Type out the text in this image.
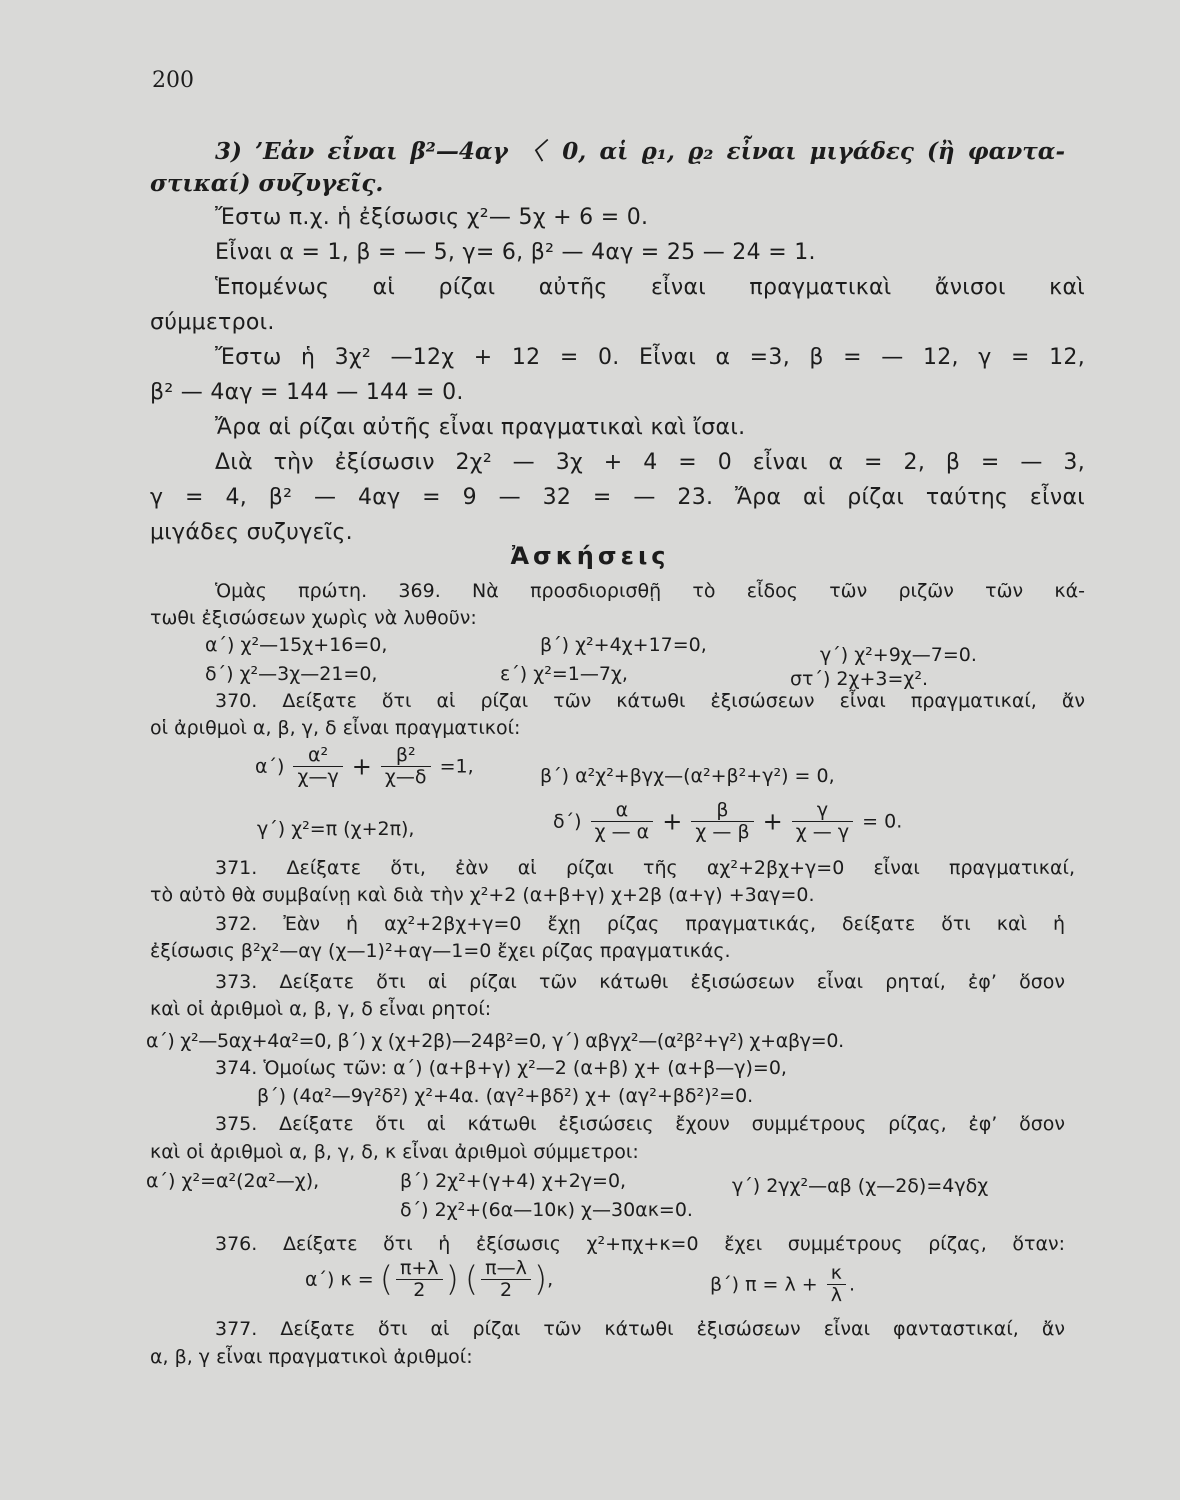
200
3) ’Εἀν εἶναι β²—4αγ 〈 0, αἱ ϱ₁, ϱ₂ εἶναι μιγάδες (ἢ φαντα-
στικαί) συζυγεῖς.
Ἔστω π.χ. ἡ ἐξίσωσις χ²— 5χ + 6 = 0.
Εἶναι α = 1, β = — 5, γ= 6, β² — 4αγ = 25 — 24 = 1.
Ἑπομένως αἱ ρίζαι αὐτῆς εἶναι πραγματικαὶ ἄνισοι καὶ
σύμμετροι.
Ἔστω ἡ 3χ² —12χ + 12 = 0. Εἶναι α =3, β = — 12, γ = 12,
β² — 4αγ = 144 — 144 = 0.
Ἄρα αἱ ρίζαι αὐτῆς εἶναι πραγματικαὶ καὶ ἴσαι.
Διὰ τὴν ἐξίσωσιν 2χ² — 3χ + 4 = 0 εἶναι α = 2, β = — 3,
γ = 4, β² — 4αγ = 9 — 32 = — 23. Ἄρα αἱ ρίζαι ταύτης εἶναι
μιγάδες συζυγεῖς.
Ἀσκήσεις
Ὁμὰς πρώτη. 369. Νὰ προσδιορισθῇ τὸ εἶδος τῶν ριζῶν τῶν κά-
τωθι ἐξισώσεων χωρὶς νὰ λυθοῦν:
α΄) χ²—15χ+16=0,	β΄) χ²+4χ+17=0,	γ΄) χ²+9χ—7=0.
δ΄) χ²—3χ—21=0,	ε΄) χ²=1—7χ,	στ΄) 2χ+3=χ².
370. Δείξατε ὅτι αἱ ρίζαι τῶν κάτωθι ἐξισώσεων εἶναι πραγματικαί, ἄν
οἱ ἀριθμοὶ α, β, γ, δ εἶναι πραγματικοί:
$\alpha΄) \frac{\text{α²}}{\chi—\gamma} + \frac{\text{β²}}{\chi—\delta} =1$,	β΄) α²χ²+βγχ—(α²+β²+γ²) = 0,
γ΄) χ²=π (χ+2π),	$\delta΄) \frac{\alpha}{\chi — \alpha} + \frac{\beta}{\chi — \beta} + \frac{\gamma}{\chi — \gamma} = 0$.
371. Δείξατε ὅτι, ἐὰν αἱ ρίζαι τῆς αχ²+2βχ+γ=0 εἶναι πραγματικαί,
τὸ αὐτὸ θὰ συμβαίνῃ καὶ διὰ τὴν χ²+2 (α+β+γ) χ+2β (α+γ) +3αγ=0.
372. Ἐὰν ἡ αχ²+2βχ+γ=0 ἔχῃ ρίζας πραγματικάς, δείξατε ὅτι καὶ ἡ
ἐξίσωσις β²χ²—αγ (χ—1)²+αγ—1=0 ἔχει ρίζας πραγματικάς.
373. Δείξατε ὅτι αἱ ρίζαι τῶν κάτωθι ἐξισώσεων εἶναι ρηταί, ἐφ’ ὅσον
καὶ οἱ ἀριθμοὶ α, β, γ, δ εἶναι ρητοί:
α΄) χ²—5αχ+4α²=0, β΄) χ (χ+2β)—24β²=0, γ΄) αβγχ²—(α²β²+γ²) χ+αβγ=0.
374. Ὁμοίως τῶν: α΄) (α+β+γ) χ²—2 (α+β) χ+ (α+β—γ)=0,
β΄) (4α²—9γ²δ²) χ²+4α. (αγ²+βδ²) χ+ (αγ²+βδ²)²=0.
375. Δείξατε ὅτι αἱ κάτωθι ἐξισώσεις ἔχουν συμμέτρους ρίζας, ἐφ’ ὅσον
καὶ οἱ ἀριθμοὶ α, β, γ, δ, κ εἶναι ἀριθμοὶ σύμμετροι:
α΄) χ²=α²(2α²—χ),	β΄) 2χ²+(γ+4) χ+2γ=0,	γ΄) 2γχ²—αβ (χ—2δ)=4γδχ
δ΄) 2χ²+(6α—10κ) χ—30ακ=0.
376. Δείξατε ὅτι ἡ ἐξίσωσις χ²+πχ+κ=0 ἔχει συμμέτρους ρίζας, ὅταν:
α΄) κ = ( $\frac{\pi+\lambda}{2}$ ) ( $\frac{\pi—\lambda}{2}$ ),	β΄) $\pi = \lambda + \frac{\kappa}{\lambda}$ .
377. Δείξατε ὅτι αἱ ρίζαι τῶν κάτωθι ἐξισώσεων εἶναι φανταστικαί, ἄν
α, β, γ εἶναι πραγματικοὶ ἀριθμοί:
